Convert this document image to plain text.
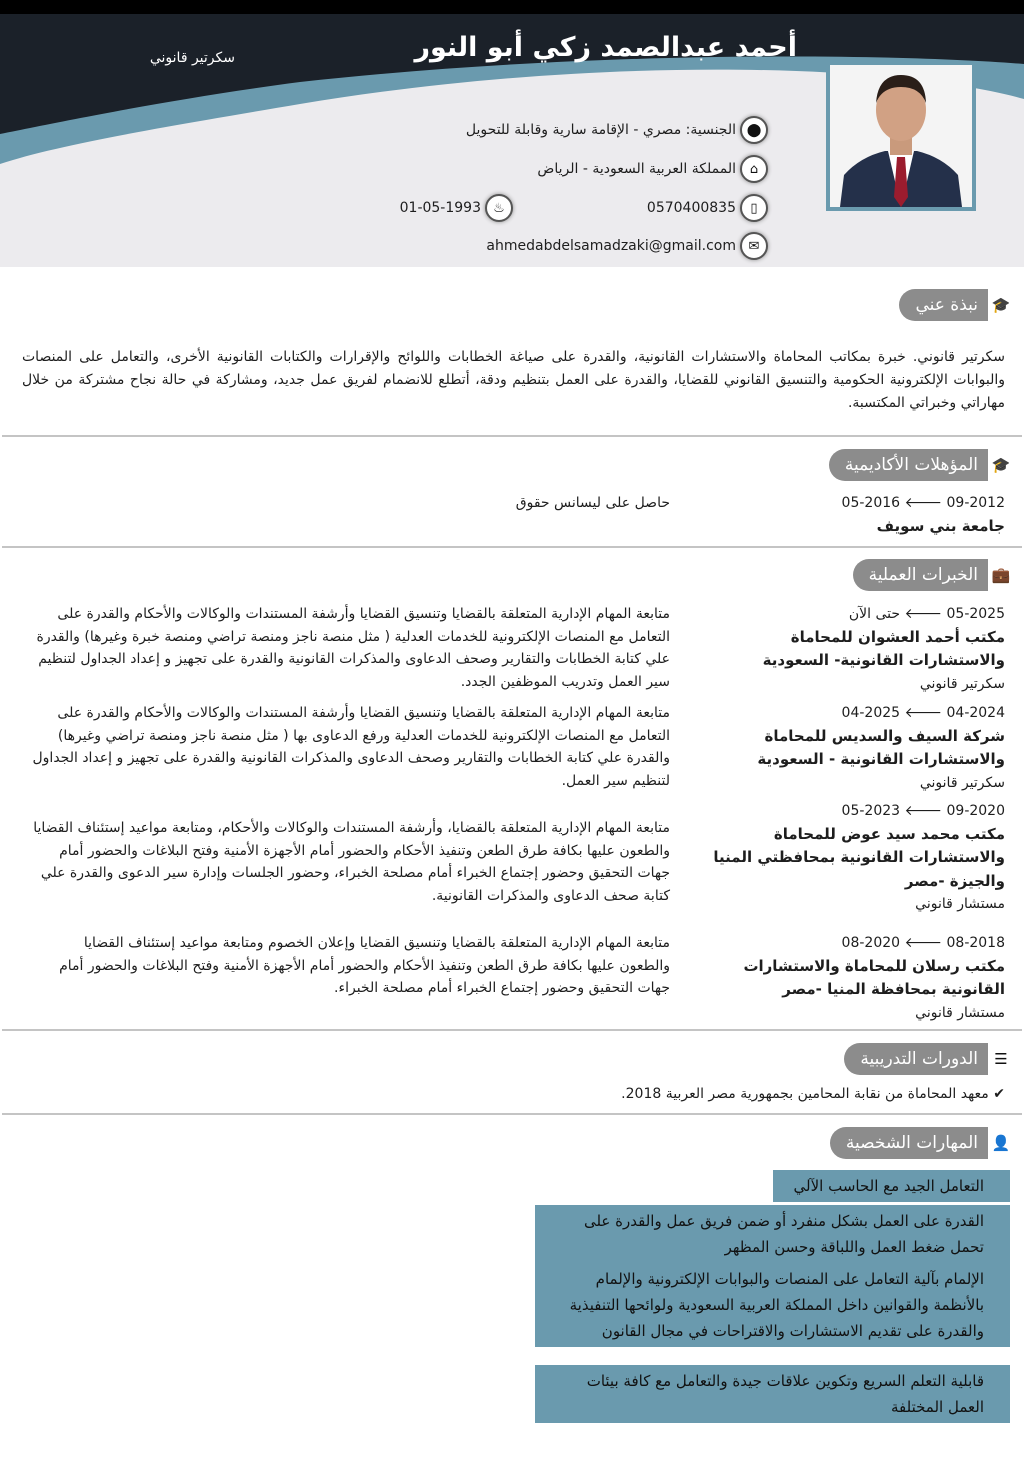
أحمد عبدالصمد زكي أبو النور
سكرتير قانوني
⬤
الجنسية: مصري - الإقامة سارية وقابلة للتحويل
⌂
المملكة العربية السعودية - الرياض
▯
0570400835
♨
01-05-1993
✉
ahmedabdelsamadzaki@gmail.com
🎓
نبذة عني
سكرتير قانوني. خبرة بمكاتب المحاماة والاستشارات القانونية، والقدرة على صياغة الخطابات واللوائح والإقرارات والكتابات القانونية الأخرى، والتعامل على المنصات والبوابات الإلكترونية الحكومية والتنسيق القانوني للقضايا، والقدرة على العمل بتنظيم ودقة، أتطلع للانضمام لفريق عمل جديد، ومشاركة في حالة نجاح مشتركة من خلال مهاراتي وخبراتي المكتسبة.
🎓
المؤهلات الأكاديمية
09-2012 🡐 05-2016
جامعة بني سويف
حاصل على ليسانس حقوق
💼
الخبرات العملية
05-2025 🡐 حتى الآن
مكتب أحمد العشوان للمحاماة والاستشارات القانونية- السعودية
سكرتير قانوني
متابعة المهام الإدارية المتعلقة بالقضايا وتنسيق القضايا وأرشفة المستندات والوكالات والأحكام والقدرة على التعامل مع المنصات الإلكترونية للخدمات العدلية ( مثل منصة ناجز ومنصة تراضي ومنصة خبرة وغيرها) والقدرة علي كتابة الخطابات والتقارير وصحف الدعاوى والمذكرات القانونية والقدرة على تجهيز و إعداد الجداول لتنظيم سير العمل وتدريب الموظفين الجدد.
04-2024 🡐 04-2025
شركة السيف والسديس للمحاماة والاستشارات القانونية - السعودية
سكرتير قانوني
متابعة المهام الإدارية المتعلقة بالقضايا وتنسيق القضايا وأرشفة المستندات والوكالات والأحكام والقدرة على التعامل مع المنصات الإلكترونية للخدمات العدلية ورفع الدعاوى بها ( مثل منصة ناجز ومنصة تراضي وغيرها) والقدرة علي كتابة الخطابات والتقارير وصحف الدعاوى والمذكرات القانونية والقدرة على تجهيز و إعداد الجداول لتنظيم سير العمل.
09-2020 🡐 05-2023
مكتب محمد سيد عوض للمحاماة والاستشارات القانونية بمحافظتي المنيا والجيزة -مصر
مستشار قانوني
متابعة المهام الإدارية المتعلقة بالقضايا، وأرشفة المستندات والوكالات والأحكام، ومتابعة مواعيد إستئناف القضايا والطعون عليها بكافة طرق الطعن وتنفيذ الأحكام والحضور أمام الأجهزة الأمنية وفتح البلاغات والحضور أمام جهات التحقيق وحضور إجتماع الخبراء أمام مصلحة الخبراء، وحضور الجلسات وإدارة سير الدعوى والقدرة علي كتابة صحف الدعاوى والمذكرات القانونية.
08-2018 🡐 08-2020
مكتب رسلان للمحاماة والاستشارات القانونية بمحافظة المنيا -مصر
مستشار قانوني
متابعة المهام الإدارية المتعلقة بالقضايا وتنسيق القضايا وإعلان الخصوم ومتابعة مواعيد إستئناف القضايا والطعون عليها بكافة طرق الطعن وتنفيذ الأحكام والحضور أمام الأجهزة الأمنية وفتح البلاغات والحضور أمام جهات التحقيق وحضور إجتماع الخبراء أمام مصلحة الخبراء.
☰
الدورات التدريبية
✔ معهد المحاماة من نقابة المحامين بجمهورية مصر العربية 2018.
👤
المهارات الشخصية
التعامل الجيد مع الحاسب الآلي
القدرة على العمل بشكل منفرد أو ضمن فريق عمل والقدرة على تحمل ضغط العمل واللباقة وحسن المظهر
الإلمام بآلية التعامل على المنصات والبوابات الإلكترونية والإلمام بالأنظمة والقوانين داخل المملكة العربية السعودية ولوائحها التنفيذية والقدرة على تقديم الاستشارات والاقتراحات في مجال القانون
قابلية التعلم السريع وتكوين علاقات جيدة والتعامل مع كافة بيئات العمل المختلفة
